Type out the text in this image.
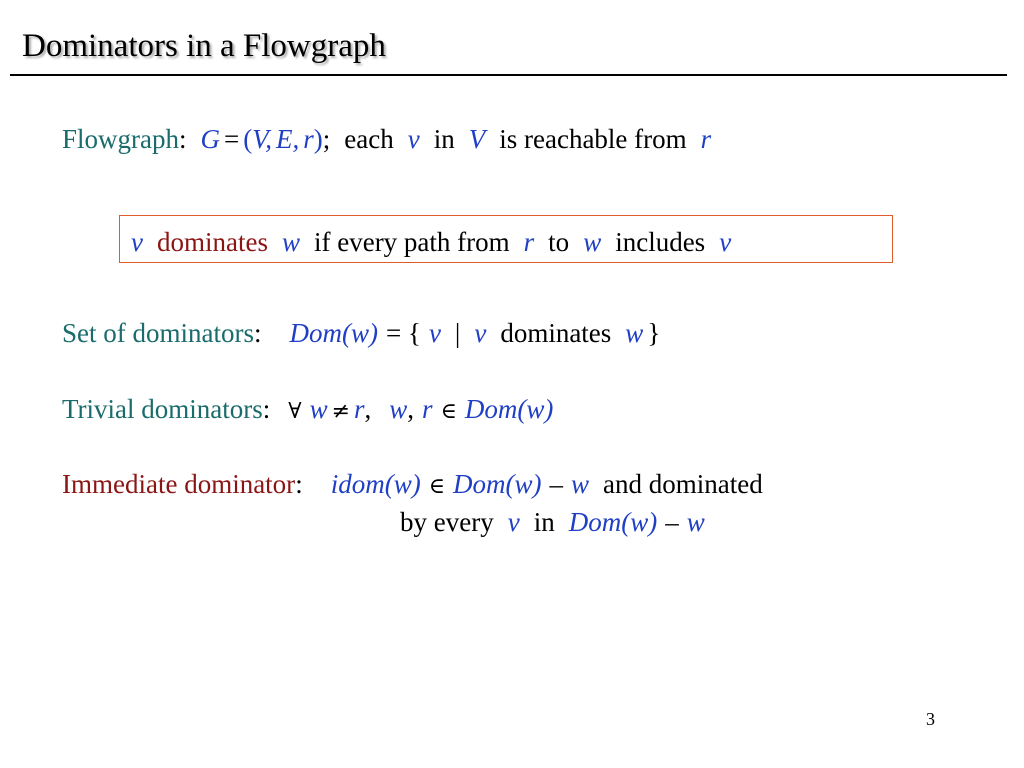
Dominators in a Flowgraph
Flowgraph: G = (V, E, r); each v in V is reachable from r
v dominates w if every path from r to w includes v
Set of dominators: Dom(w) = { v | v dominates w }
Trivial dominators: ∀ w ≠ r, w, r ∈ Dom(w)
Immediate dominator: idom(w) ∈ Dom(w) – w and dominated
by every v in Dom(w) – w
3
